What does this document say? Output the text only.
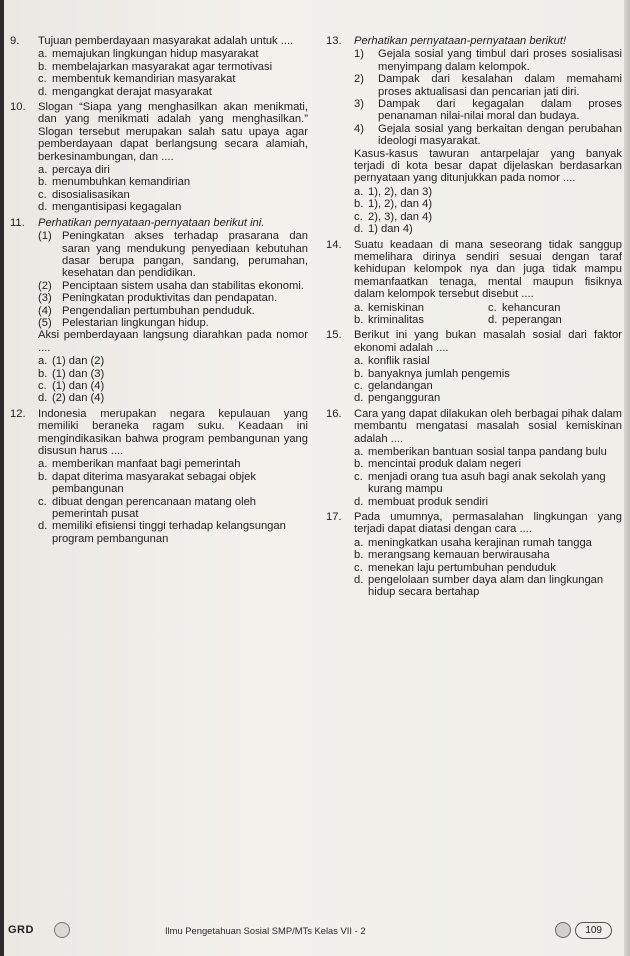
9.	Tujuan pemberdayaan masyarakat adalah untuk ....
a. memajukan lingkungan hidup masyarakat
b. membelajarkan masyarakat agar termotivasi
c. membentuk kemandirian masyarakat
d. mengangkat derajat masyarakat
10.	Slogan “Siapa yang menghasilkan akan menikmati, dan yang menikmati adalah yang menghasilkan.” Slogan tersebut merupakan salah satu upaya agar pemberdayaan dapat berlangsung secara alamiah, berkesinambungan, dan ....
a. percaya diri
b. menumbuhkan kemandirian
c. disosialisasikan
d. mengantisipasi kegagalan
11.	Perhatikan pernyataan-pernyataan berikut ini.
(1) Peningkatan akses terhadap prasarana dan saran yang mendukung penyediaan kebutuhan dasar berupa pangan, sandang, perumahan, kesehatan dan pendidikan.
(2) Penciptaan sistem usaha dan stabilitas ekonomi.
(3) Peningkatan produktivitas dan pendapatan.
(4) Pengendalian pertumbuhan penduduk.
(5) Pelestarian lingkungan hidup.
Aksi pemberdayaan langsung diarahkan pada nomor ....
a. (1) dan (2)
b. (1) dan (3)
c. (1) dan (4)
d. (2) dan (4)
12.	Indonesia merupakan negara kepulauan yang memiliki beraneka ragam suku. Keadaan ini mengindikasikan bahwa program pembangunan yang disusun harus ....
a. memberikan manfaat bagi pemerintah
b. dapat diterima masyarakat sebagai objek pembangunan
c. dibuat dengan perencanaan matang oleh pemerintah pusat
d. memiliki efisiensi tinggi terhadap kelangsungan program pembangunan
13.	Perhatikan pernyataan-pernyataan berikut!
1)	Gejala sosial yang timbul dari proses sosialisasi menyimpang dalam kelompok.
2)	Dampak dari kesalahan dalam memahami proses aktualisasi dan pencarian jati diri.
3)	Dampak dari kegagalan dalam proses penanaman nilai-nilai moral dan budaya.
4)	Gejala sosial yang berkaitan dengan perubahan ideologi masyarakat.
Kasus-kasus tawuran antarpelajar yang banyak terjadi di kota besar dapat dijelaskan berdasarkan pernyataan yang ditunjukkan pada nomor ....
a. 1), 2), dan 3)
b. 1), 2), dan 4)
c. 2), 3), dan 4)
d. 1) dan 4)
14.	Suatu keadaan di mana seseorang tidak sanggup memelihara dirinya sendiri sesuai dengan taraf kehidupan kelompok nya dan juga tidak mampu memanfaatkan tenaga, mental maupun fisiknya dalam kelompok tersebut disebut ....
a. kemiskinan	c. kehancuran
b. kriminalitas	d. peperangan
15.	Berikut ini yang bukan masalah sosial dari faktor ekonomi adalah ....
a. konflik rasial
b. banyaknya jumlah pengemis
c. gelandangan
d. pengangguran
16.	Cara yang dapat dilakukan oleh berbagai pihak dalam membantu mengatasi masalah sosial kemiskinan adalah ....
a. memberikan bantuan sosial tanpa pandang bulu
b. mencintai produk dalam negeri
c. menjadi orang tua asuh bagi anak sekolah yang kurang mampu
d. membuat produk sendiri
17.	Pada umumnya, permasalahan lingkungan yang terjadi dapat diatasi dengan cara ....
a. meningkatkan usaha kerajinan rumah tangga
b. merangsang kemauan berwirausaha
c. menekan laju pertumbuhan penduduk
d. pengelolaan sumber daya alam dan lingkungan hidup secara bertahap
GRD	Ilmu Pengetahuan Sosial SMP/MTs Kelas VII - 2	109
